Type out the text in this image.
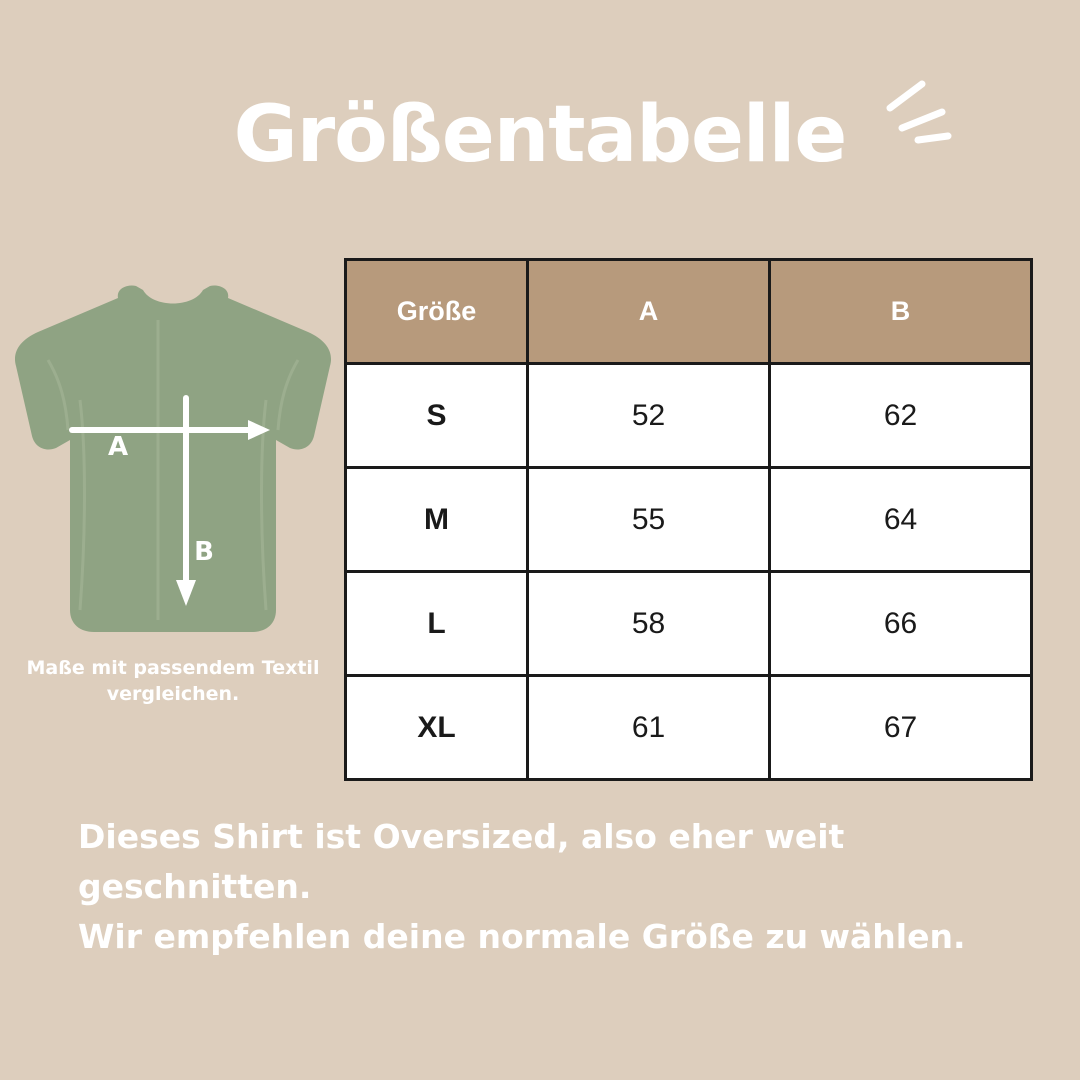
Größentabelle
A
B
Maße mit passendem Textil vergleichen.
Größe	A	B
S	52	62
M	55	64
L	58	66
XL	61	67

Dieses Shirt ist Oversized, also eher weit geschnitten.

Wir empfehlen deine normale Größe zu wählen.
